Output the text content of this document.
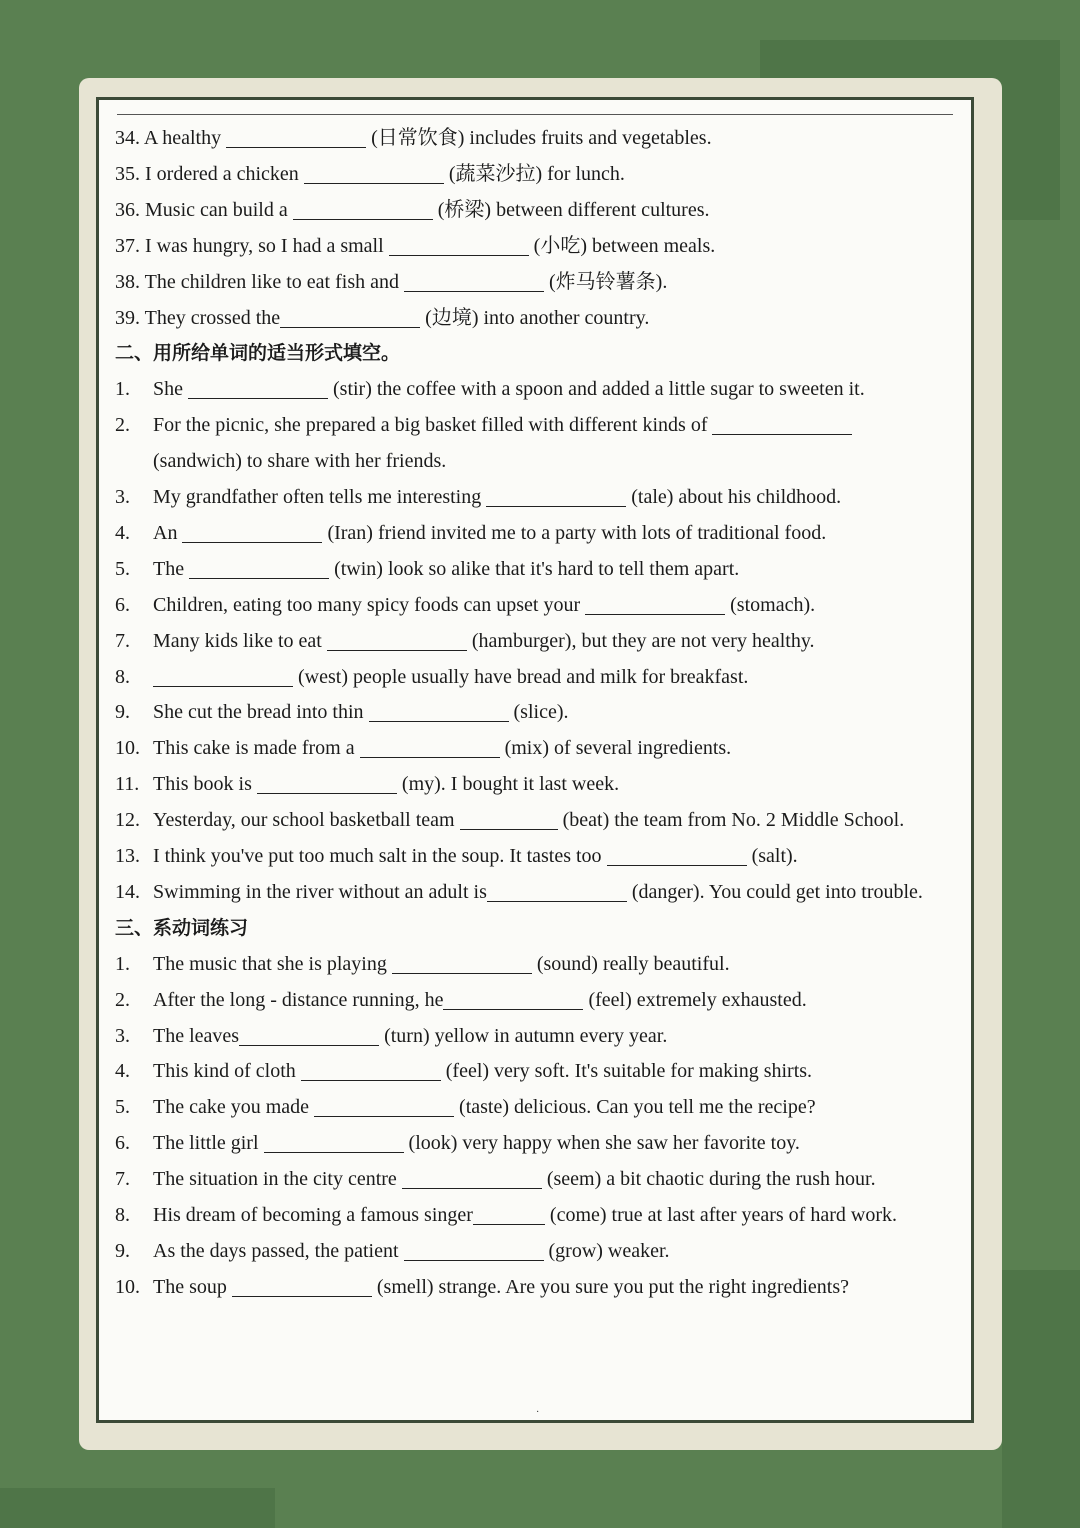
34. A healthy	(日常饮食) includes fruits and vegetables.
35. I ordered a chicken	(蔬菜沙拉) for lunch.
36. Music can build a	(桥梁) between different cultures.
37. I was hungry, so I had a small	(小吃) between meals.
38. The children like to eat fish and	(炸马铃薯条).
39. They crossed the	(边境) into another country.
二、用所给单词的适当形式填空。
1. She	(stir) the coffee with a spoon and added a little sugar to sweeten it.
2. For the picnic, she prepared a big basket filled with different kinds of
(sandwich) to share with her friends.
3. My grandfather often tells me interesting	(tale) about his childhood.
4. An	(Iran) friend invited me to a party with lots of traditional food.
5. The	(twin) look so alike that it's hard to tell them apart.
6. Children, eating too many spicy foods can upset your	(stomach).
7. Many kids like to eat	(hamburger), but they are not very healthy.
8.	(west) people usually have bread and milk for breakfast.
9. She cut the bread into thin	(slice).
10. This cake is made from a	(mix) of several ingredients.
11. This book is	(my). I bought it last week.
12. Yesterday, our school basketball team	(beat) the team from No. 2 Middle School.
13. I think you've put too much salt in the soup. It tastes too	(salt).
14. Swimming in the river without an adult is	(danger). You could get into trouble.
三、系动词练习
1. The music that she is playing	(sound) really beautiful.
2. After the long - distance running, he	(feel) extremely exhausted.
3. The leaves	(turn) yellow in autumn every year.
4. This kind of cloth	(feel) very soft. It's suitable for making shirts.
5. The cake you made	(taste) delicious. Can you tell me the recipe?
6. The little girl	(look) very happy when she saw her favorite toy.
7. The situation in the city centre	(seem) a bit chaotic during the rush hour.
8. His dream of becoming a famous singer	(come) true at last after years of hard work.
9. As the days passed, the patient	(grow) weaker.
10. The soup	(smell) strange. Are you sure you put the right ingredients?
·
